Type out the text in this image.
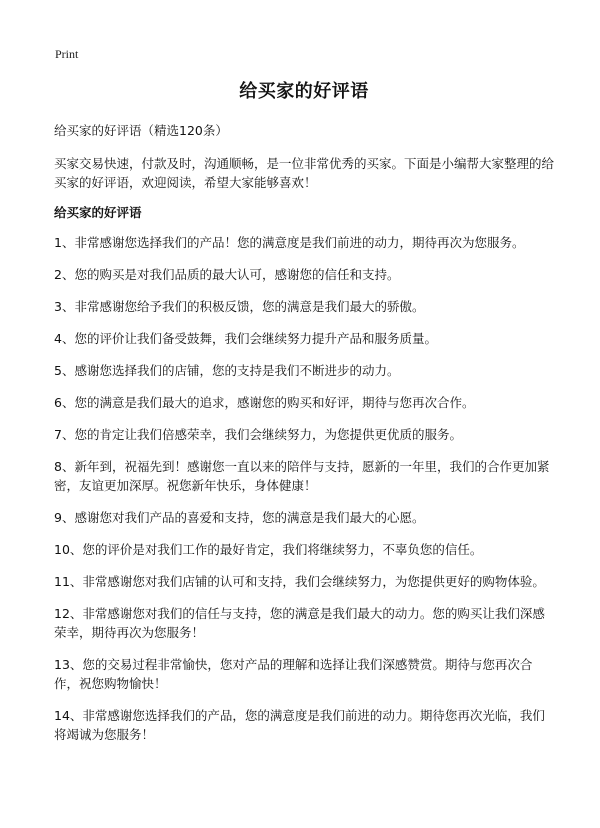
Print
给买家的好评语
给买家的好评语（精选120条）

买家交易快速，付款及时，沟通顺畅，是一位非常优秀的买家。下面是小编帮大家整理的给买家的好评语，欢迎阅读，希望大家能够喜欢！

给买家的好评语
1、非常感谢您选择我们的产品！您的满意度是我们前进的动力，期待再次为您服务。
2、您的购买是对我们品质的最大认可，感谢您的信任和支持。
3、非常感谢您给予我们的积极反馈，您的满意是我们最大的骄傲。
4、您的评价让我们备受鼓舞，我们会继续努力提升产品和服务质量。
5、感谢您选择我们的店铺，您的支持是我们不断进步的动力。
6、您的满意是我们最大的追求，感谢您的购买和好评，期待与您再次合作。
7、您的肯定让我们倍感荣幸，我们会继续努力，为您提供更优质的服务。
8、新年到，祝福先到！感谢您一直以来的陪伴与支持，愿新的一年里，我们的合作更加紧密，友谊更加深厚。祝您新年快乐，身体健康！
9、感谢您对我们产品的喜爱和支持，您的满意是我们最大的心愿。
10、您的评价是对我们工作的最好肯定，我们将继续努力，不辜负您的信任。
11、非常感谢您对我们店铺的认可和支持，我们会继续努力，为您提供更好的购物体验。
12、非常感谢您对我们的信任与支持，您的满意是我们最大的动力。您的购买让我们深感荣幸，期待再次为您服务！
13、您的交易过程非常愉快，您对产品的理解和选择让我们深感赞赏。期待与您再次合作，祝您购物愉快！
14、非常感谢您选择我们的产品，您的满意度是我们前进的动力。期待您再次光临，我们将竭诚为您服务！
